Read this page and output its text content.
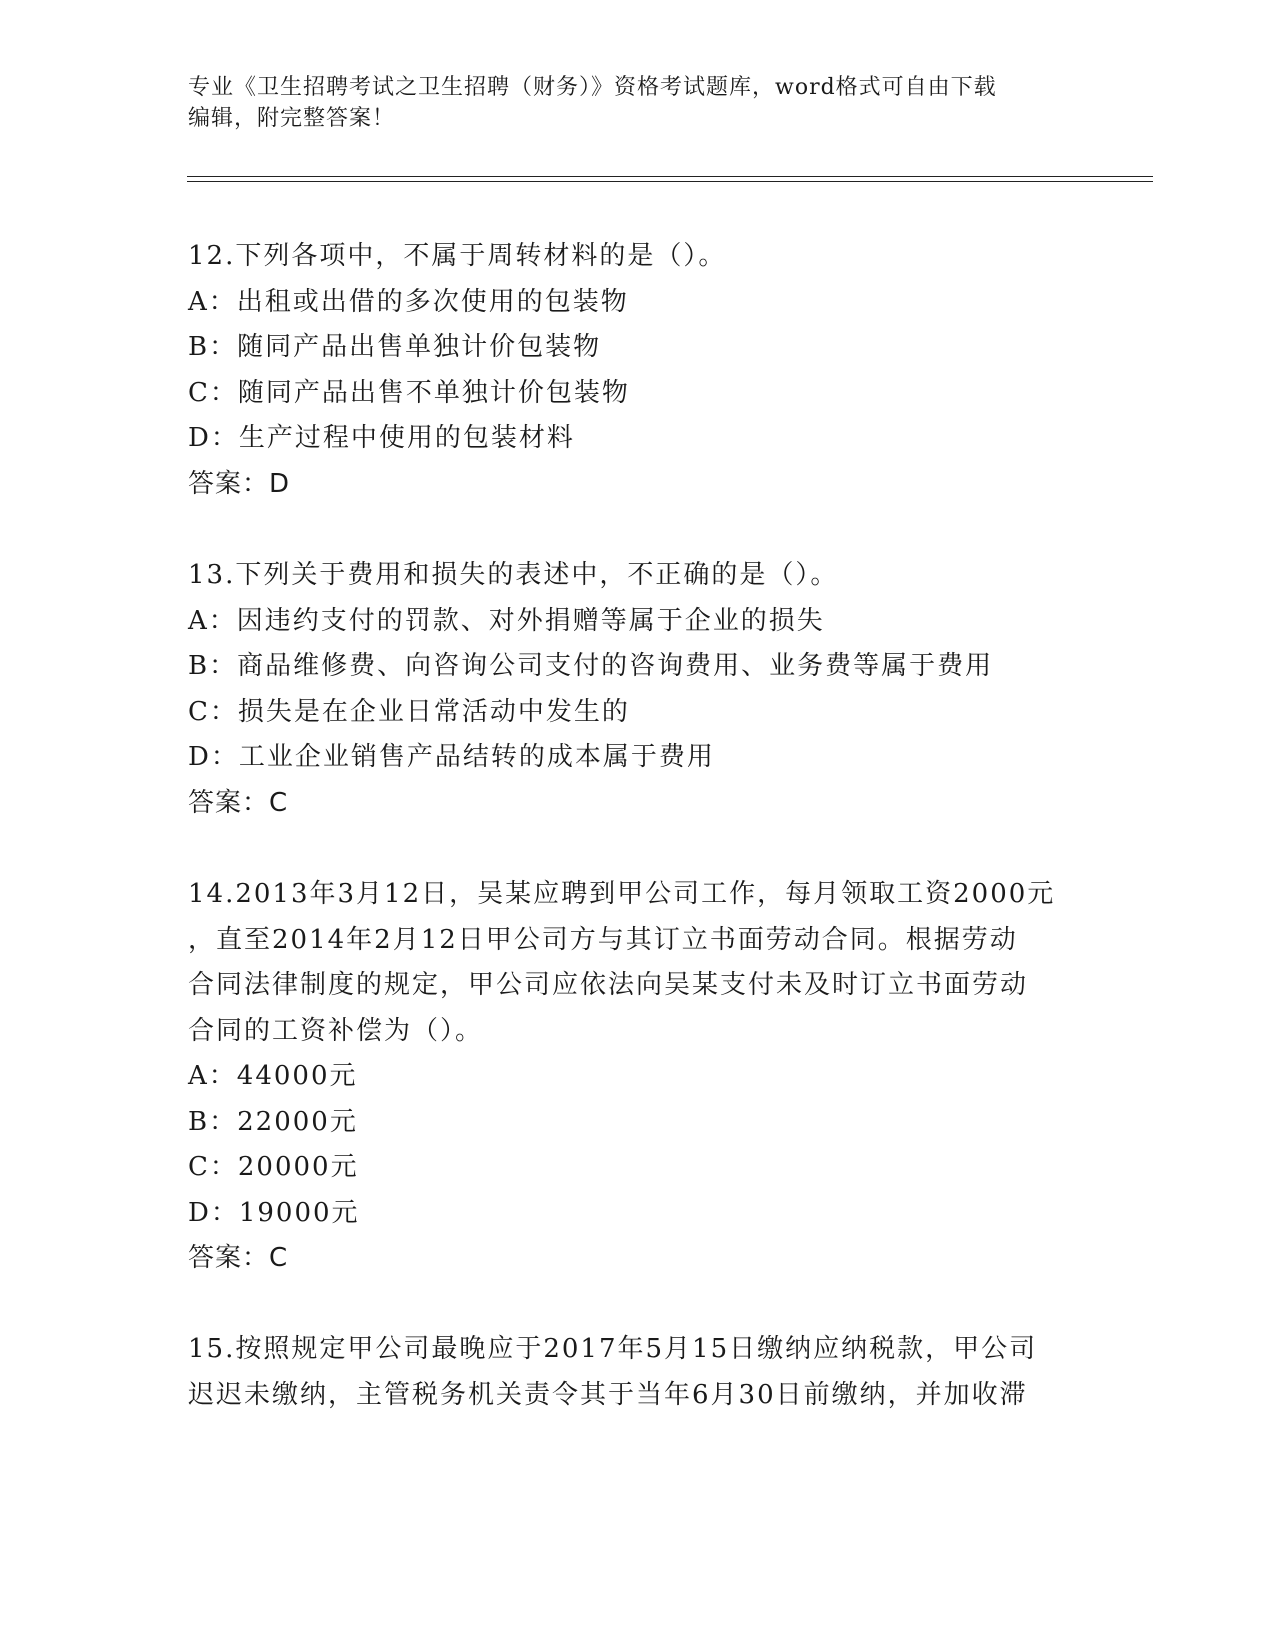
专业《卫生招聘考试之卫生招聘（财务）》资格考试题库，word格式可自由下载
编辑，附完整答案！

12.下列各项中，不属于周转材料的是（）。

A：出租或出借的多次使用的包装物

B：随同产品出售单独计价包装物

C：随同产品出售不单独计价包装物

D：生产过程中使用的包装材料

答案：D

13.下列关于费用和损失的表述中，不正确的是（）。

A：因违约支付的罚款、对外捐赠等属于企业的损失

B：商品维修费、向咨询公司支付的咨询费用、业务费等属于费用

C：损失是在企业日常活动中发生的

D：工业企业销售产品结转的成本属于费用

答案：C

14.2013年3月12日，吴某应聘到甲公司工作，每月领取工资2000元

，直至2014年2月12日甲公司方与其订立书面劳动合同。根据劳动

合同法律制度的规定，甲公司应依法向吴某支付未及时订立书面劳动

合同的工资补偿为（）。

A：44000元

B：22000元

C：20000元

D：19000元

答案：C

15.按照规定甲公司最晚应于2017年5月15日缴纳应纳税款，甲公司

迟迟未缴纳，主管税务机关责令其于当年6月30日前缴纳，并加收滞
